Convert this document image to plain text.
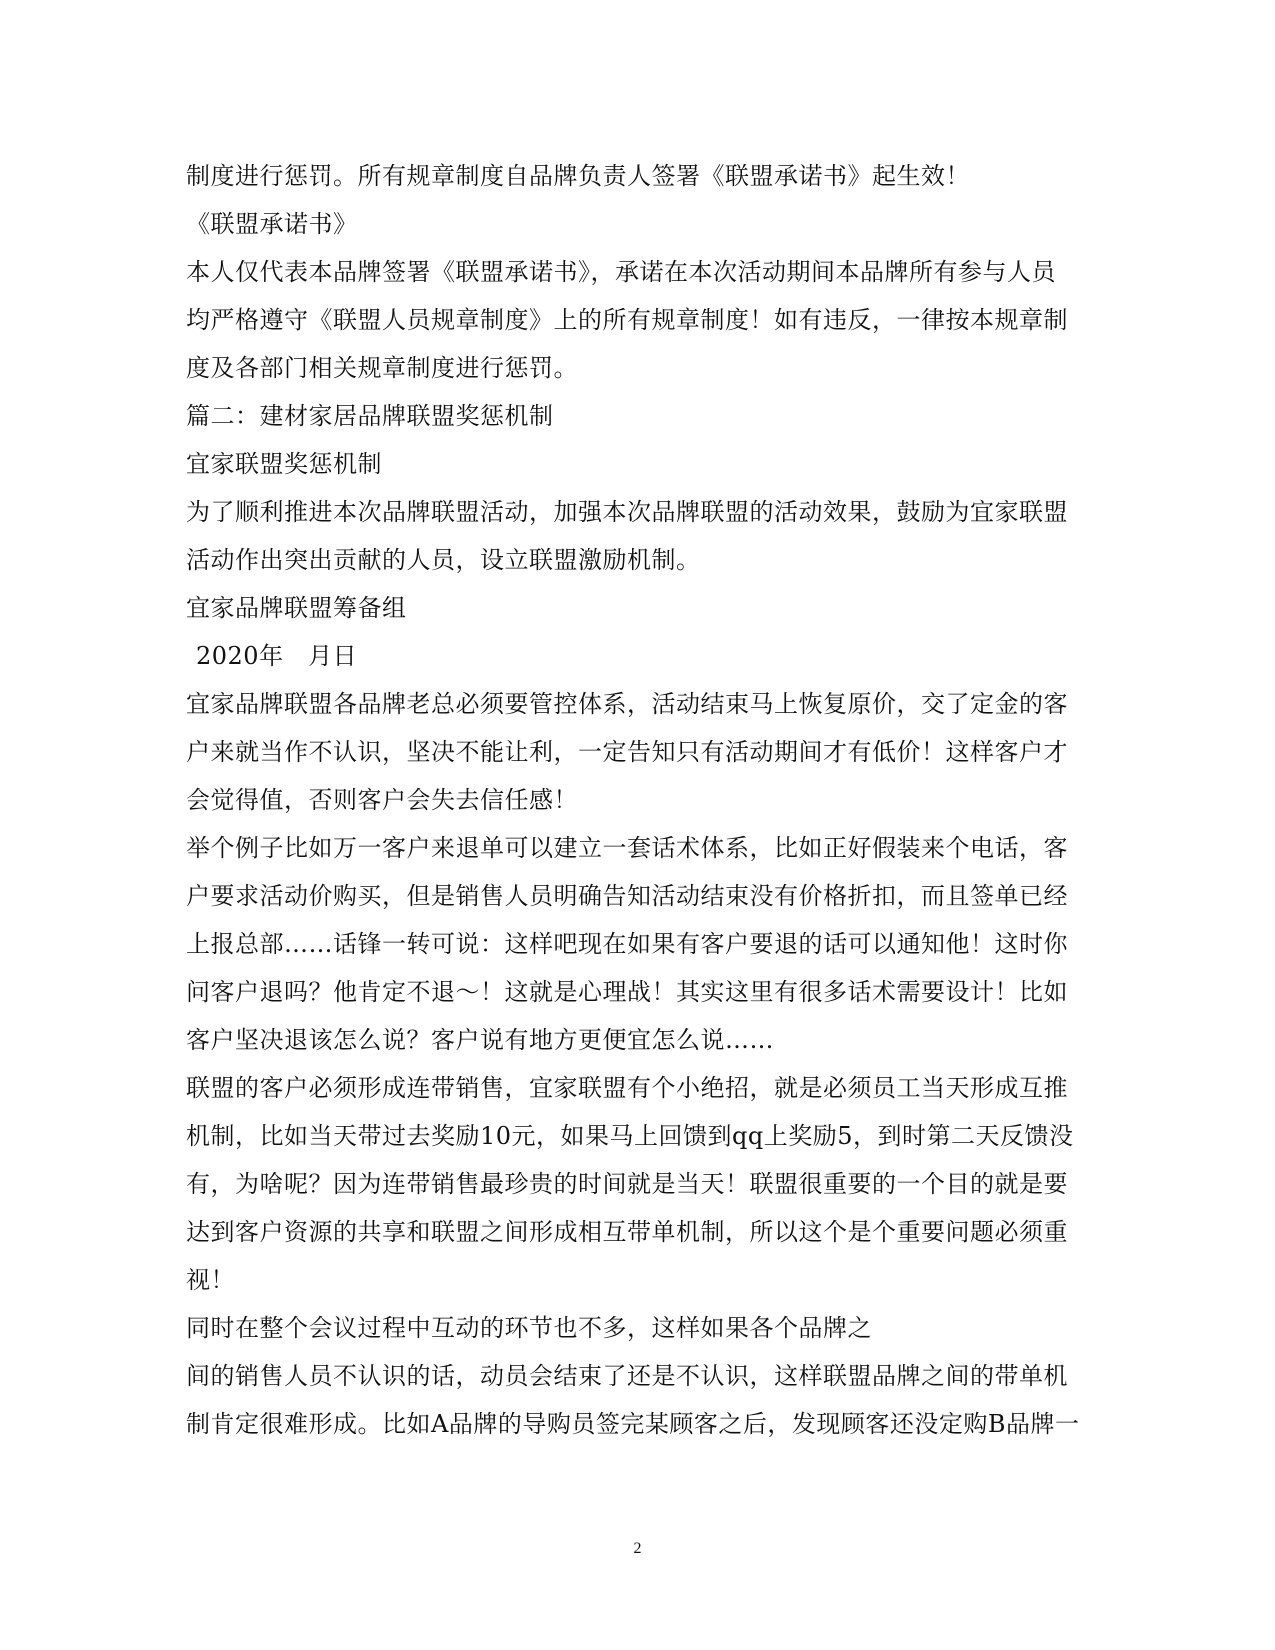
制度进行惩罚。所有规章制度自品牌负责人签署《联盟承诺书》起生效！
《联盟承诺书》
本人仅代表本品牌签署《联盟承诺书》，承诺在本次活动期间本品牌所有参与人员
均严格遵守《联盟人员规章制度》上的所有规章制度！如有违反，一律按本规章制
度及各部门相关规章制度进行惩罚。
篇二：建材家居品牌联盟奖惩机制
宜家联盟奖惩机制
为了顺利推进本次品牌联盟活动，加强本次品牌联盟的活动效果，鼓励为宜家联盟
活动作出突出贡献的人员，设立联盟激励机制。
宜家品牌联盟筹备组
2020年　月日
宜家品牌联盟各品牌老总必须要管控体系，活动结束马上恢复原价，交了定金的客
户来就当作不认识，坚决不能让利，一定告知只有活动期间才有低价！这样客户才
会觉得值，否则客户会失去信任感！
举个例子比如万一客户来退单可以建立一套话术体系，比如正好假装来个电话，客
户要求活动价购买，但是销售人员明确告知活动结束没有价格折扣，而且签单已经
上报总部……话锋一转可说：这样吧现在如果有客户要退的话可以通知他！这时你
问客户退吗？他肯定不退～！这就是心理战！其实这里有很多话术需要设计！比如
客户坚决退该怎么说？客户说有地方更便宜怎么说……
联盟的客户必须形成连带销售，宜家联盟有个小绝招，就是必须员工当天形成互推
机制，比如当天带过去奖励10元，如果马上回馈到qq上奖励5，到时第二天反馈没
有，为啥呢？因为连带销售最珍贵的时间就是当天！联盟很重要的一个目的就是要
达到客户资源的共享和联盟之间形成相互带单机制，所以这个是个重要问题必须重
视！
同时在整个会议过程中互动的环节也不多，这样如果各个品牌之
间的销售人员不认识的话，动员会结束了还是不认识，这样联盟品牌之间的带单机
制肯定很难形成。比如A品牌的导购员签完某顾客之后，发现顾客还没定购B品牌一
2
